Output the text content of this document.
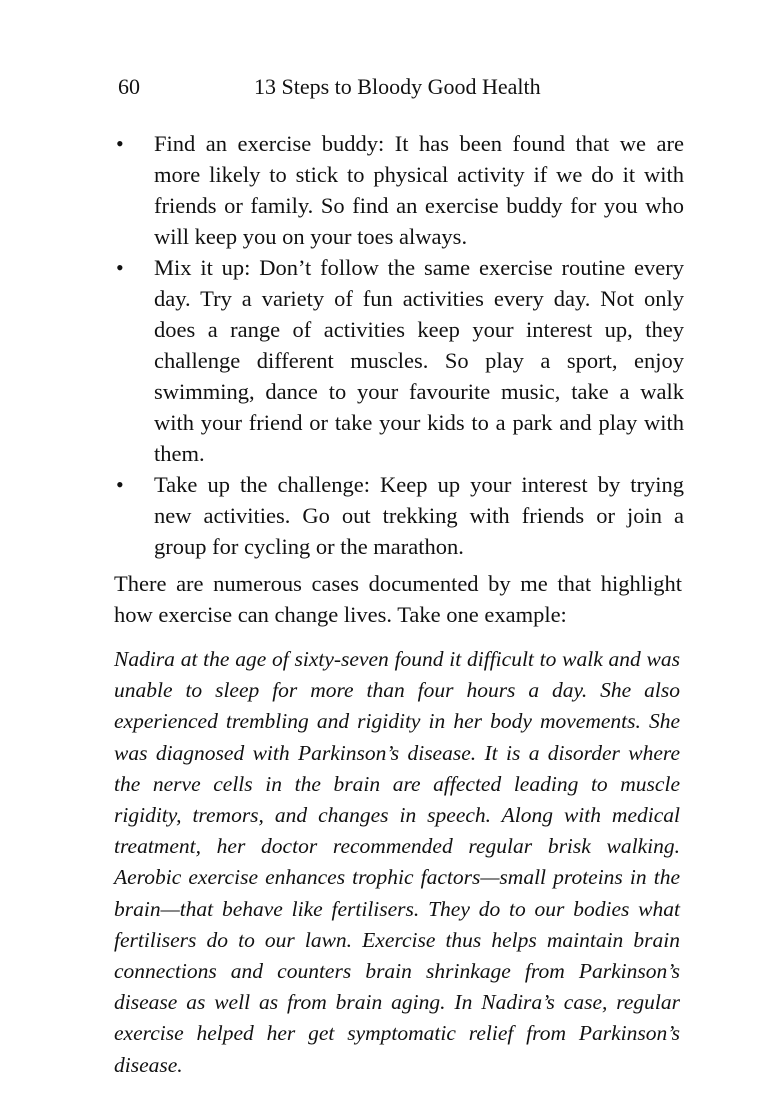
60	13 Steps to Bloody Good Health
• Find an exercise buddy: It has been found that we are more likely to stick to physical activity if we do it with friends or family. So find an exercise buddy for you who will keep you on your toes always.
• Mix it up: Don’t follow the same exercise routine every day. Try a variety of fun activities every day. Not only does a range of activities keep your interest up, they challenge different muscles. So play a sport, enjoy swimming, dance to your favourite music, take a walk with your friend or take your kids to a park and play with them.
• Take up the challenge: Keep up your interest by trying new activities. Go out trekking with friends or join a group for cycling or the marathon.

There are numerous cases documented by me that highlight how exercise can change lives. Take one example:

Nadira at the age of sixty-seven found it difficult to walk and was unable to sleep for more than four hours a day. She also experienced trembling and rigidity in her body movements. She was diagnosed with Parkinson’s disease. It is a disorder where the nerve cells in the brain are affected leading to muscle rigidity, tremors, and changes in speech. Along with medical treatment, her doctor recommended regular brisk walking. Aerobic exercise enhances trophic factors—small proteins in the brain—that behave like fertilisers. They do to our bodies what fertilisers do to our lawn. Exercise thus helps maintain brain connections and counters brain shrinkage from Parkinson’s disease as well as from brain aging. In Nadira’s case, regular exercise helped her get symptomatic relief from Parkinson’s disease.
